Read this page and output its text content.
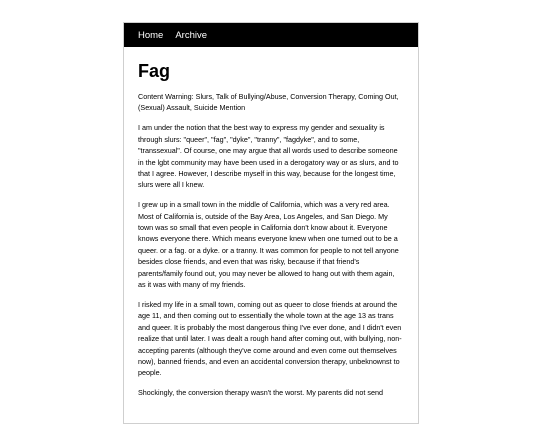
Home Archive
Fag

Content Warning: Slurs, Talk of Bullying/Abuse, Conversion Therapy, Coming Out, (Sexual) Assault, Suicide Mention

I am under the notion that the best way to express my gender and sexuality is through slurs: "queer", "fag", "dyke", "tranny", "fagdyke", and to some, "transsexual". Of course, one may argue that all words used to describe someone in the lgbt community may have been used in a derogatory way or as slurs, and to that I agree. However, I describe myself in this way, because for the longest time, slurs were all I knew.

I grew up in a small town in the middle of California, which was a very red area. Most of California is, outside of the Bay Area, Los Angeles, and San Diego. My town was so small that even people in California don't know about it. Everyone knows everyone there. Which means everyone knew when one turned out to be a queer. or a fag. or a dyke. or a tranny. It was common for people to not tell anyone besides close friends, and even that was risky, because if that friend's parents/family found out, you may never be allowed to hang out with them again, as it was with many of my friends.

I risked my life in a small town, coming out as queer to close friends at around the age 11, and then coming out to essentially the whole town at the age 13 as trans and queer. It is probably the most dangerous thing I've ever done, and I didn't even realize that until later. I was dealt a rough hand after coming out, with bullying, non-accepting parents (although they've come around and even come out themselves now), banned friends, and even an accidental conversion therapy, unbeknownst to people.

Shockingly, the conversion therapy wasn't the worst. My parents did not send
